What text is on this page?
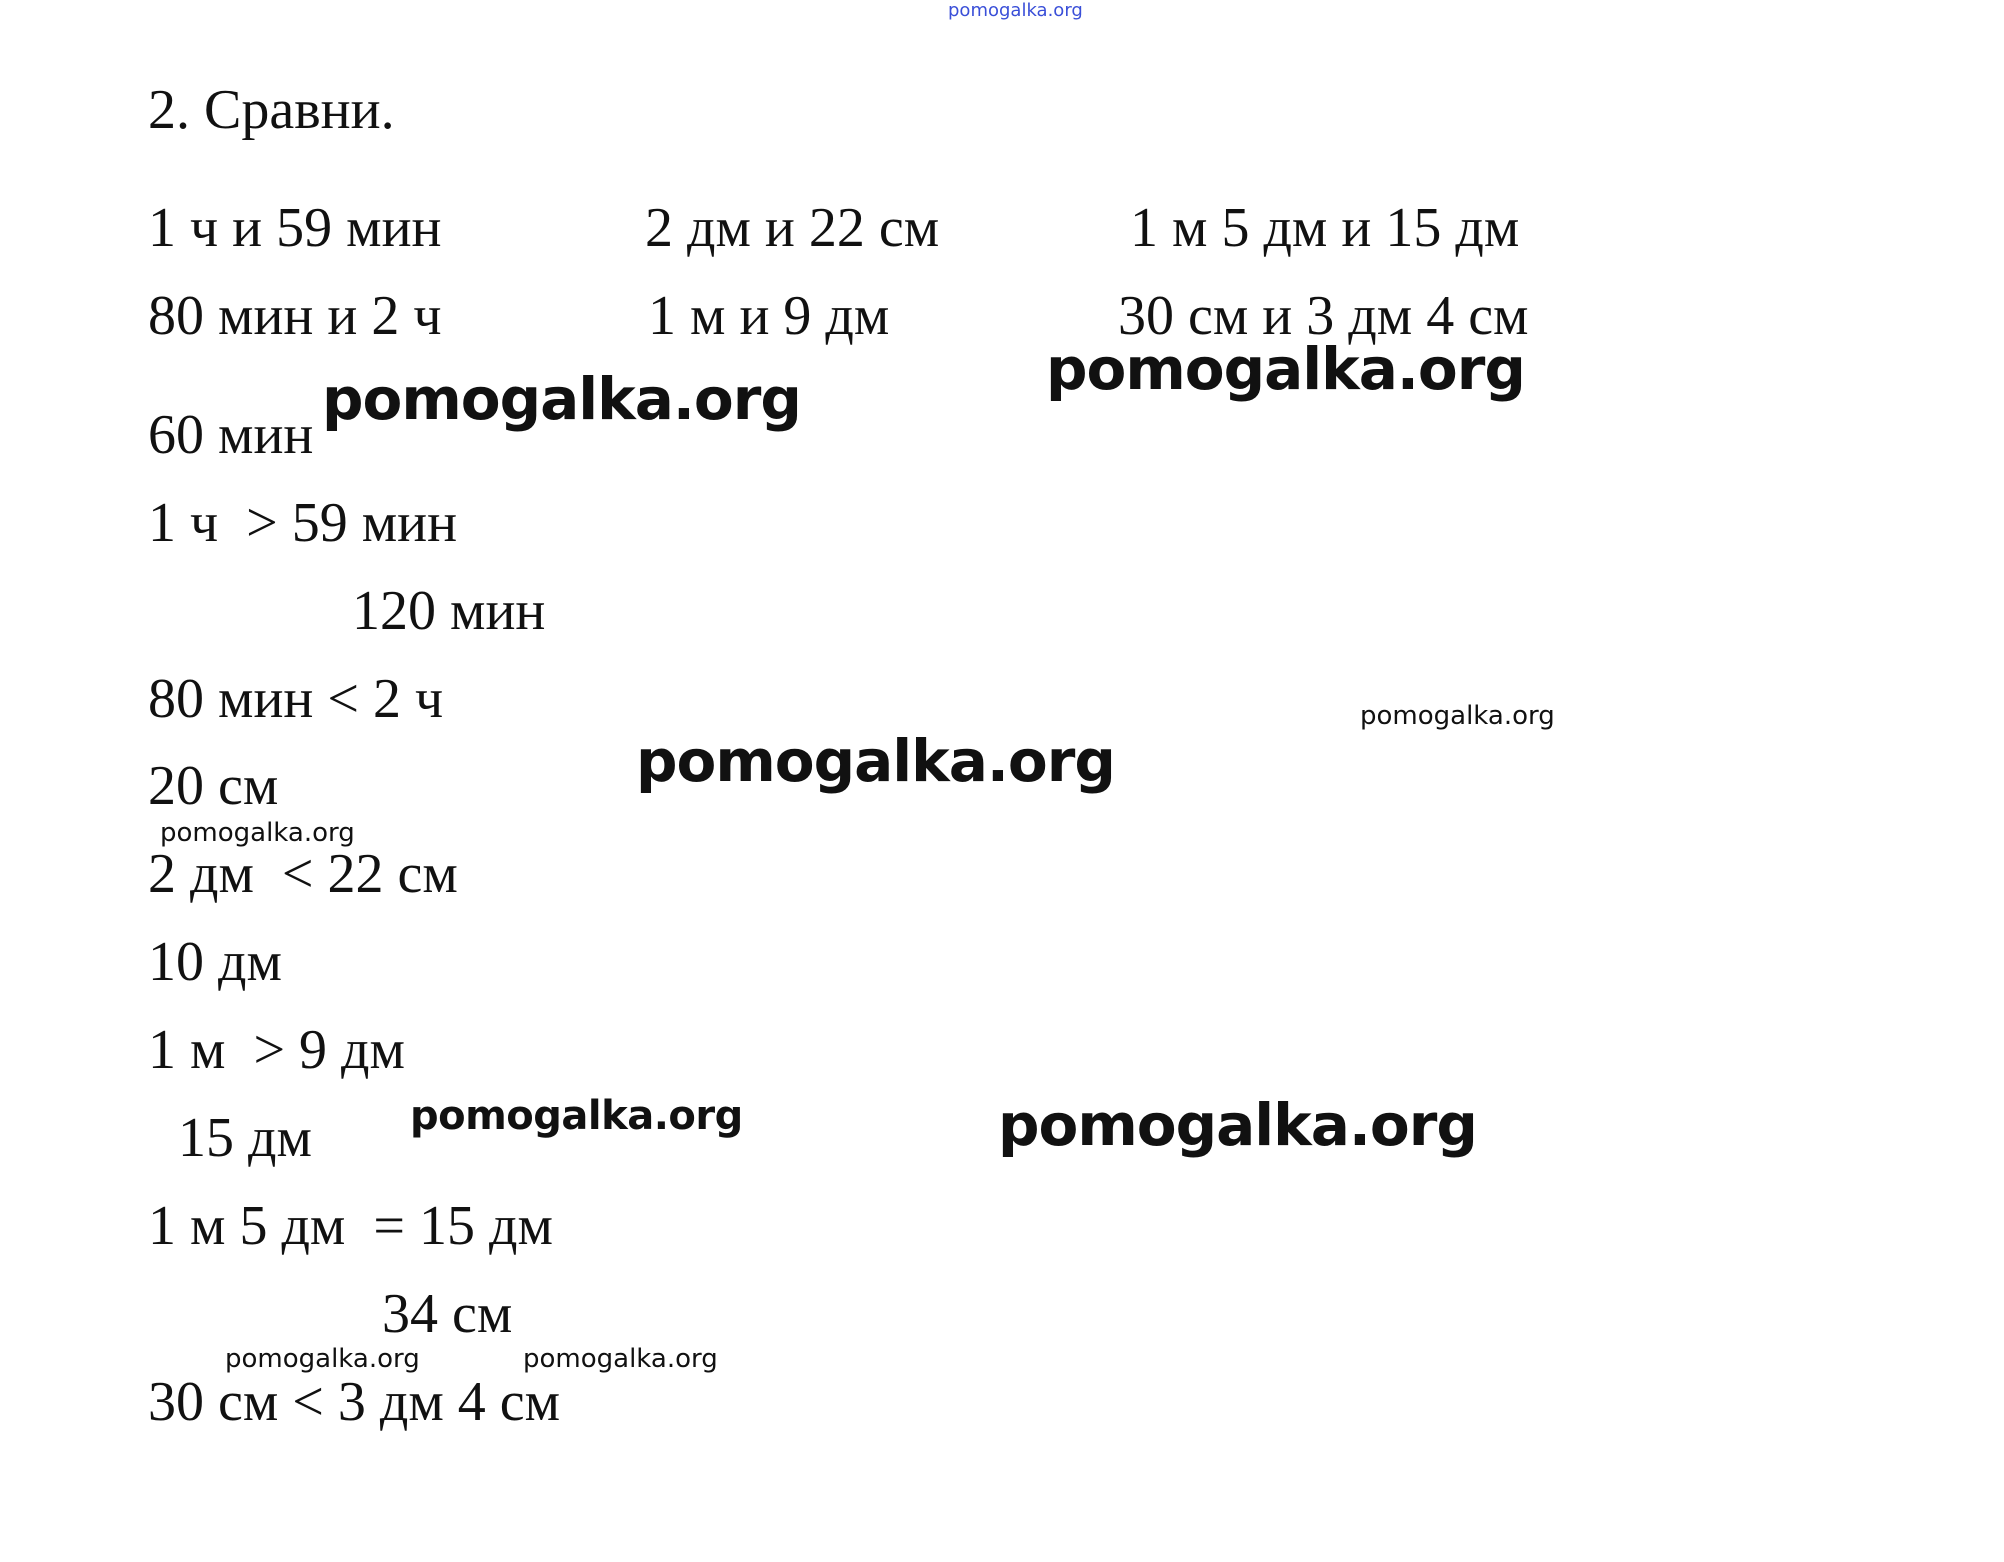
pomogalka.org
2. Сравни.
1 ч и 59 мин	2 дм и 22 см	1 м 5 дм и 15 дм
80 мин и 2 ч	1 м и 9 дм	30 см и 3 дм 4 см
60 мин
1 ч  > 59 мин
120 мин
80 мин < 2 ч
20 см
2 дм  < 22 см
10 дм
1 м  > 9 дм
15 дм
1 м 5 дм  = 15 дм
34 см
30 см < 3 дм 4 см
pomogalka.org	pomogalka.org
pomogalka.org
pomogalka.org
pomogalka.org
pomogalka.org	pomogalka.org
pomogalka.org	pomogalka.org
